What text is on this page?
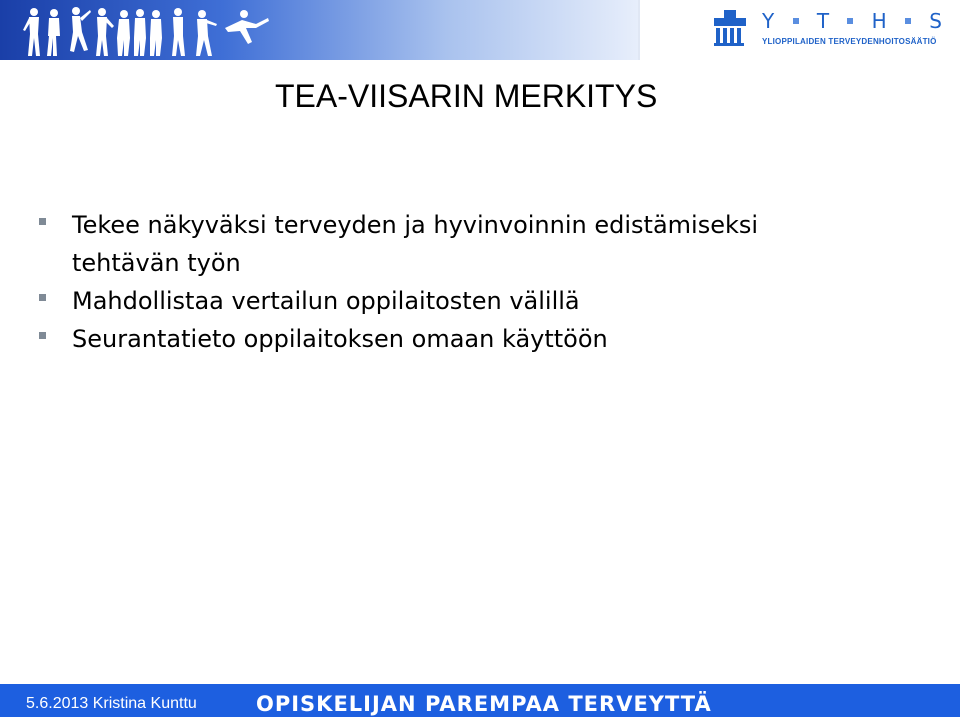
Y T H S
YLIOPPILAIDEN TERVEYDENHOITOSÄÄTIÖ
TEA-VIISARIN MERKITYS
Tekee näkyväksi terveyden ja hyvinvoinnin edistämiseksi
tehtävän työn
Mahdollistaa vertailun oppilaitosten välillä
Seurantatieto oppilaitoksen omaan käyttöön
5.6.2013 Kristina Kunttu	OPISKELIJAN PAREMPAA TERVEYTTÄ
